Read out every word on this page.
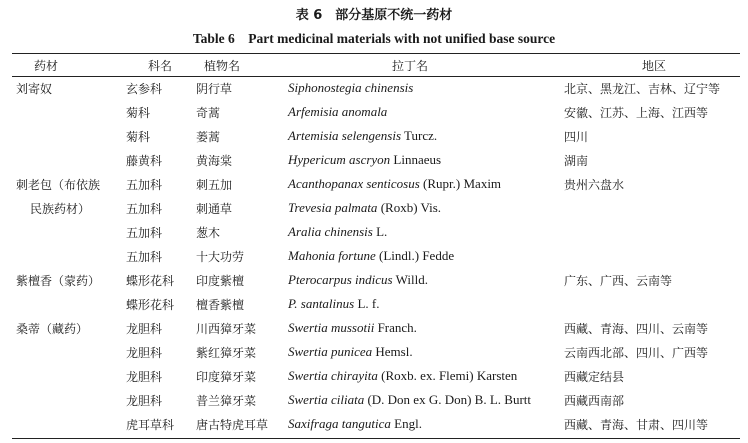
表 6　部分基原不统一药材
Table 6　Part medicinal materials with not unified base source
药材	科名	植物名	拉丁名	地区
刘寄奴	玄参科	阴行草	Siphonostegia chinensis	北京、黑龙江、吉林、辽宁等
	菊科	奇蒿	Arfemisia anomala	安徽、江苏、上海、江西等
	菊科	蒌蒿	Artemisia selengensis Turcz.	四川
	藤黄科	黄海棠	Hypericum ascryon Linnaeus	湖南
刺老包（布依族	五加科	刺五加	Acanthopanax senticosus (Rupr.) Maxim	贵州六盘水
民族药材）	五加科	刺通草	Trevesia palmata (Roxb) Vis.	
	五加科	葱木	Aralia chinensis L.	
	五加科	十大功劳	Mahonia fortune (Lindl.) Fedde	
紫檀香（蒙药）	蝶形花科	印度紫檀	Pterocarpus indicus Willd.	广东、广西、云南等
	蝶形花科	檀香紫檀	P. santalinus L. f.	
桑蒂（藏药）	龙胆科	川西獐牙菜	Swertia mussotii Franch.	西藏、青海、四川、云南等
	龙胆科	紫红獐牙菜	Swertia punicea Hemsl.	云南西北部、四川、广西等
	龙胆科	印度獐牙菜	Swertia chirayita (Roxb. ex. Flemi) Karsten	西藏定结县
	龙胆科	普兰獐牙菜	Swertia ciliata (D. Don ex G. Don) B. L. Burtt	西藏西南部
	虎耳草科	唐古特虎耳草	Saxifraga tangutica Engl.	西藏、青海、甘肃、四川等
